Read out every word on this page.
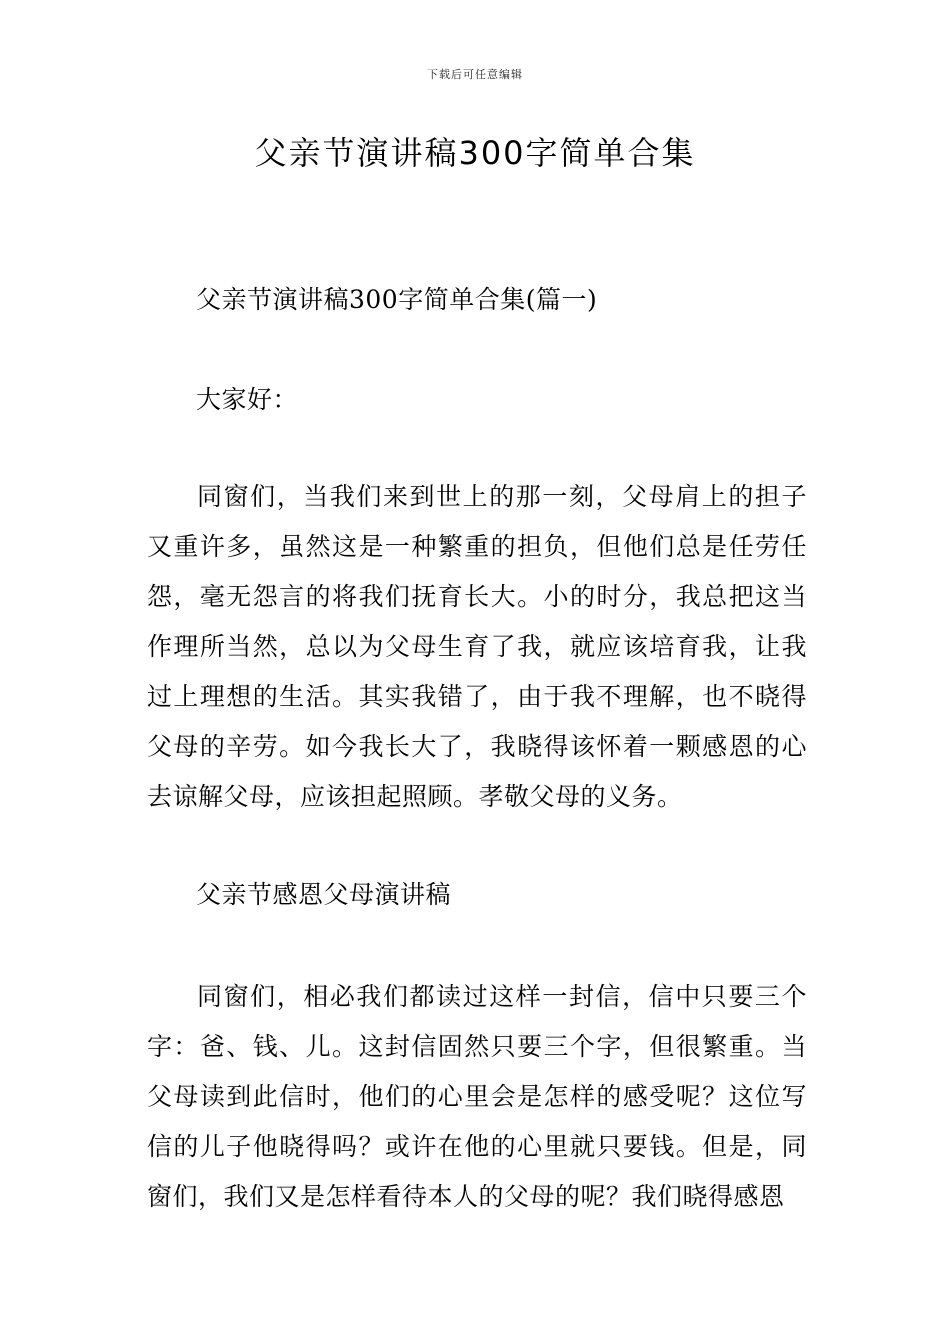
下载后可任意编辑
父亲节演讲稿300字简单合集
父亲节演讲稿300字简单合集(篇一)
大家好：

同窗们，当我们来到世上的那一刻，父母肩上的担子又重许多，虽然这是一种繁重的担负，但他们总是任劳任怨，毫无怨言的将我们抚育长大。小的时分，我总把这当作理所当然，总以为父母生育了我，就应该培育我，让我过上理想的生活。其实我错了，由于我不理解，也不晓得父母的辛劳。如今我长大了，我晓得该怀着一颗感恩的心去谅解父母，应该担起照顾。孝敬父母的义务。

父亲节感恩父母演讲稿

同窗们，相必我们都读过这样一封信，信中只要三个字：爸、钱、儿。这封信固然只要三个字，但很繁重。当父母读到此信时，他们的心里会是怎样的感受呢？这位写信的儿子他晓得吗？或许在他的心里就只要钱。但是，同窗们，我们又是怎样看待本人的父母的呢？我们晓得感恩
